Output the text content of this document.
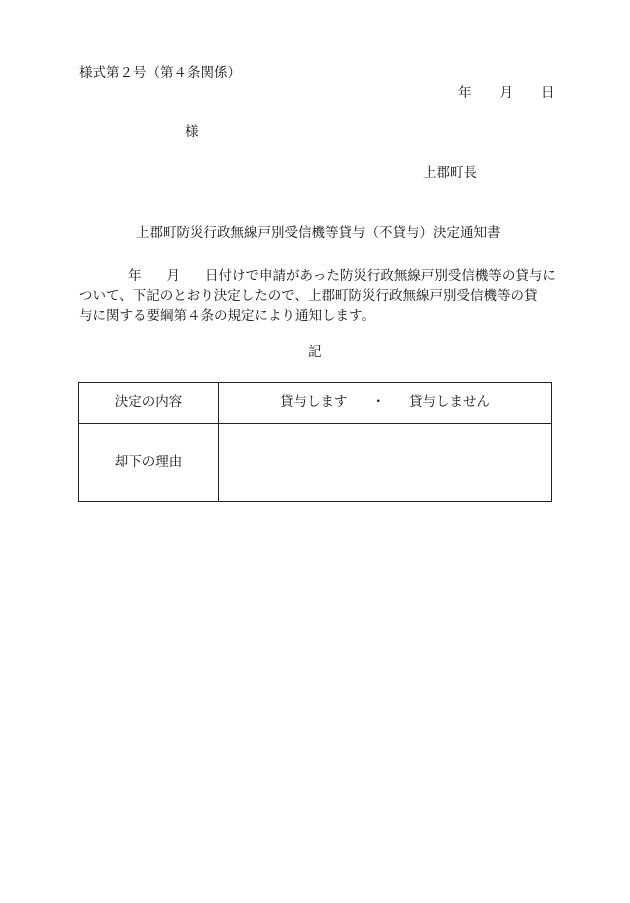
様式第２号（第４条関係）
年 月 日
様
上郡町長
上郡町防災行政無線戸別受信機等貸与（不貸与）決定通知書
年 月 日付けで申請があった防災行政無線戸別受信機等の貸与に
ついて、下記のとおり決定したので、上郡町防災行政無線戸別受信機等の貸
与に関する要綱第４条の規定により通知します。
記
決定の内容	貸与します ・ 貸与しません
却下の理由
